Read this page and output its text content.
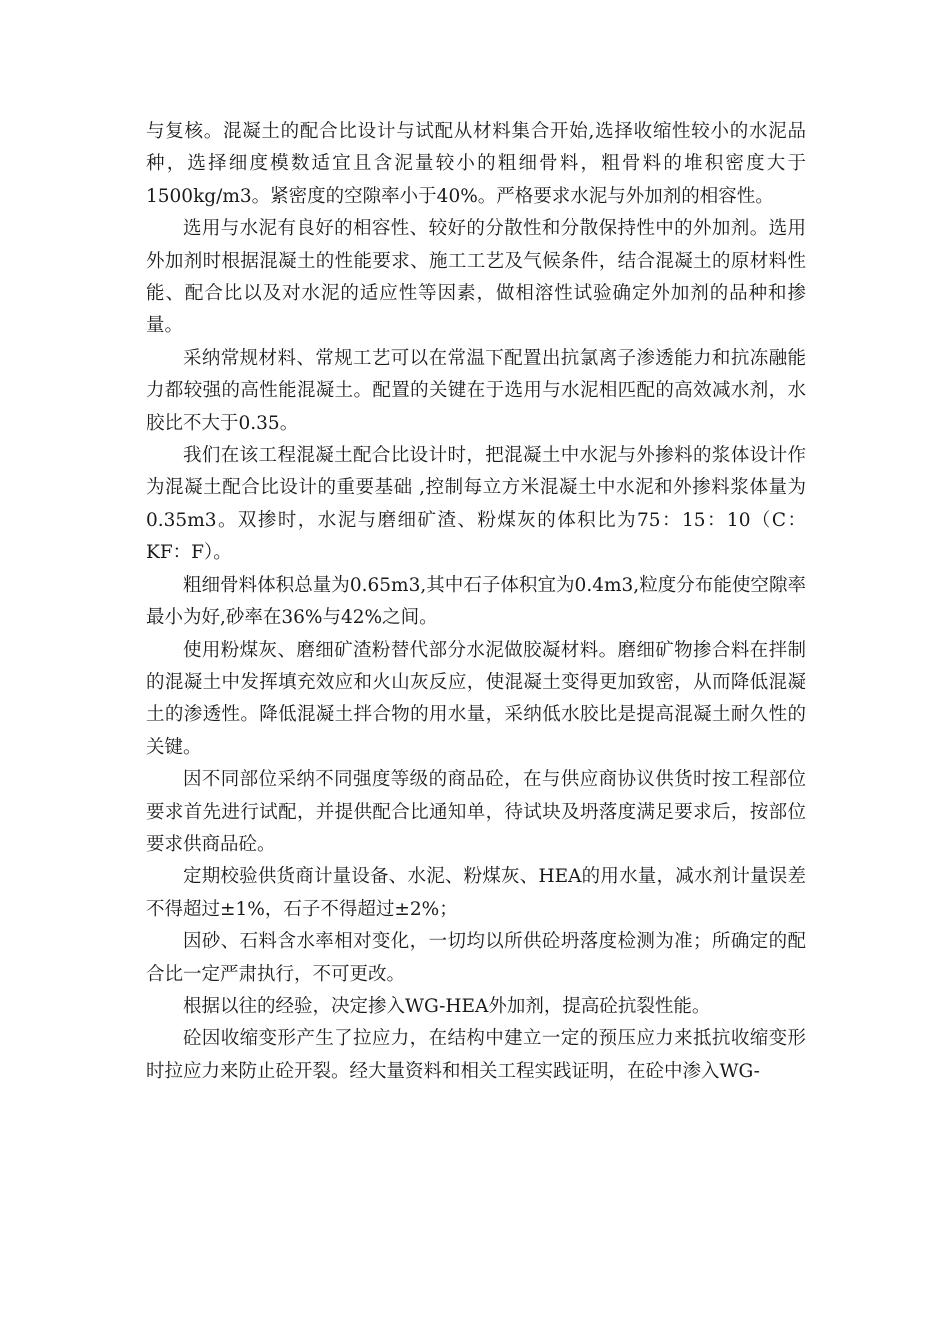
与复核。混凝土的配合比设计与试配从材料集合开始,选择收缩性较小的水泥品种，选择细度模数适宜且含泥量较小的粗细骨料，粗骨料的堆积密度大于1500kg/m3。紧密度的空隙率小于40%。严格要求水泥与外加剂的相容性。

选用与水泥有良好的相容性、较好的分散性和分散保持性中的外加剂。选用外加剂时根据混凝土的性能要求、施工工艺及气候条件，结合混凝土的原材料性能、配合比以及对水泥的适应性等因素，做相溶性试验确定外加剂的品种和掺量。

采纳常规材料、常规工艺可以在常温下配置出抗氯离子渗透能力和抗冻融能力都较强的高性能混凝土。配置的关键在于选用与水泥相匹配的高效减水剂，水胶比不大于0.35。

我们在该工程混凝土配合比设计时，把混凝土中水泥与外掺料的浆体设计作为混凝土配合比设计的重要基础 ,控制每立方米混凝土中水泥和外掺料浆体量为0.35m3。双掺时，水泥与磨细矿渣、粉煤灰的体积比为75：15：10（C：KF：F）。

粗细骨料体积总量为0.65m3,其中石子体积宜为0.4m3,粒度分布能使空隙率最小为好,砂率在36%与42%之间。

使用粉煤灰、磨细矿渣粉替代部分水泥做胶凝材料。磨细矿物掺合料在拌制的混凝土中发挥填充效应和火山灰反应，使混凝土变得更加致密，从而降低混凝土的渗透性。降低混凝土拌合物的用水量，采纳低水胶比是提高混凝土耐久性的关键。

因不同部位采纳不同强度等级的商品砼，在与供应商协议供货时按工程部位要求首先进行试配，并提供配合比通知单，待试块及坍落度满足要求后，按部位要求供商品砼。

定期校验供货商计量设备、水泥、粉煤灰、HEA的用水量，减水剂计量误差不得超过±1%，石子不得超过±2%；

因砂、石料含水率相对变化，一切均以所供砼坍落度检测为准；所确定的配合比一定严肃执行，不可更改。

根据以往的经验，决定掺入WG-HEA外加剂，提高砼抗裂性能。

砼因收缩变形产生了拉应力，在结构中建立一定的预压应力来抵抗收缩变形时拉应力来防止砼开裂。经大量资料和相关工程实践证明，在砼中渗入WG-
